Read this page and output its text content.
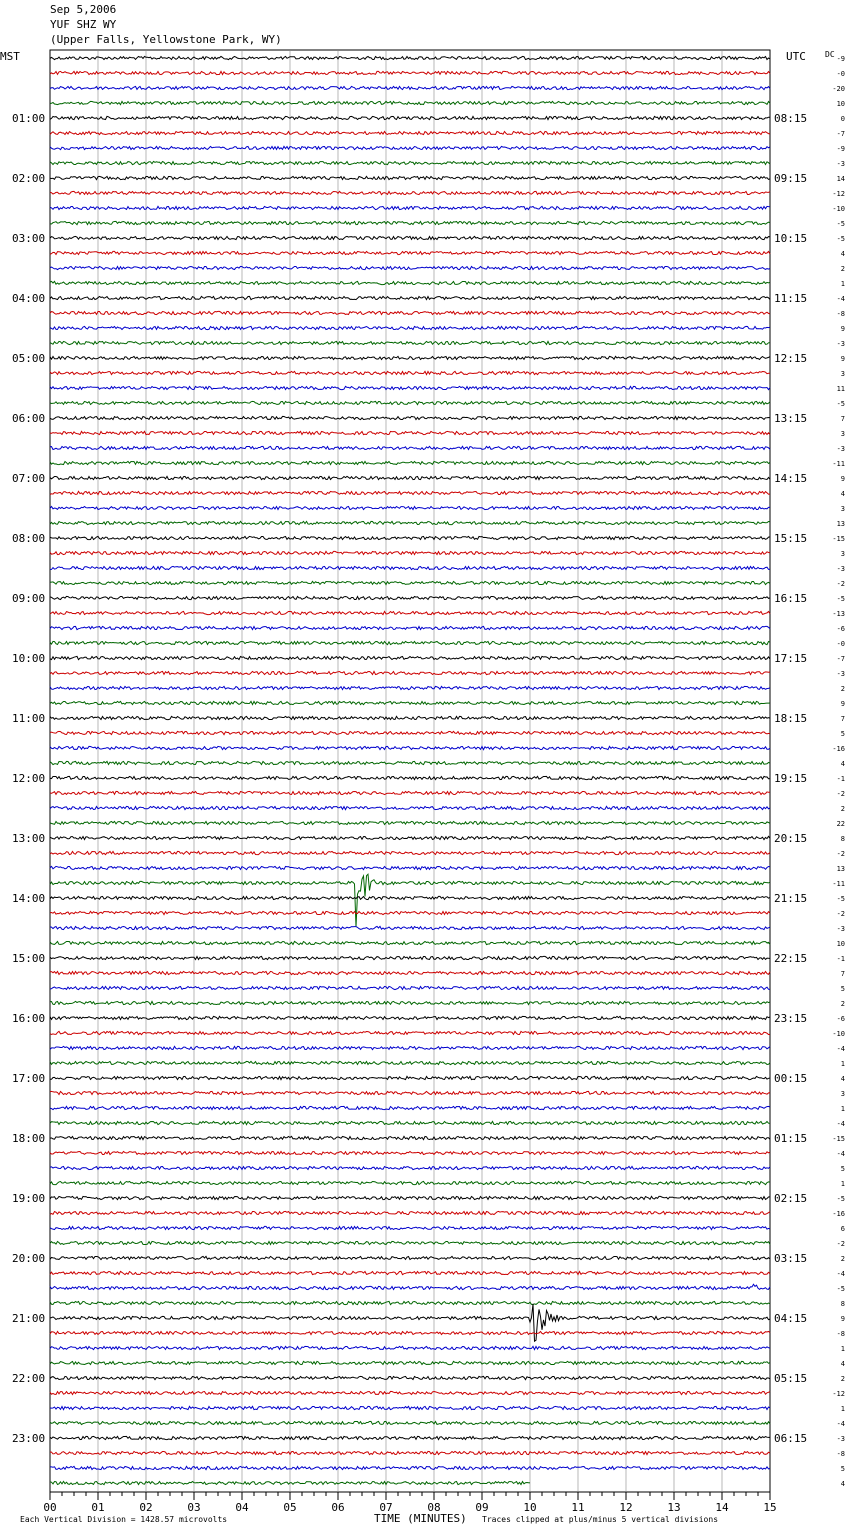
Sep 5,2006
YUF SHZ WY
(Upper Falls, Yellowstone Park, WY)
MST	UTC DC
00	01	02	03	04	05	06	07	08	09	10	11	12	13	14	15
01:00
02:00
03:00
04:00
05:00
06:00
07:00
08:00
09:00
10:00
11:00
12:00
13:00
14:00
15:00
16:00
17:00
18:00
19:00
20:00
21:00
22:00
23:00
08:15
09:15
10:15
11:15
12:15
13:15
14:15
15:15
16:15
17:15
18:15
19:15
20:15
21:15
22:15
23:15
00:15
01:15
02:15
03:15
04:15
05:15
06:15
-9
-0
-20
10
0
-7
-9
-3
14
-12
-10
-5
-5
4
2
1
-4
-8
9
-3
9
3
11
-5
7
3
-3
-11
9
4
3
13
-15
3
-3
-2
-5
-13
-6
-0
-7
-3
2
9
7
5
-16
4
-1
-2
2
22
8
-2
13
-11
-5
-2
-3
10
-1
7
5
2
-6
-10
-4
1
4
3
1
-4
-15
-4
5
1
-5
-16
6
-2
2
-4
-5
8
9
-8
1
4
2
-12
1
-4
-3
-8
5
4
Each Vertical Division = 1428.57 microvolts	TIME (MINUTES) Traces clipped at plus/minus 5 vertical divisions
